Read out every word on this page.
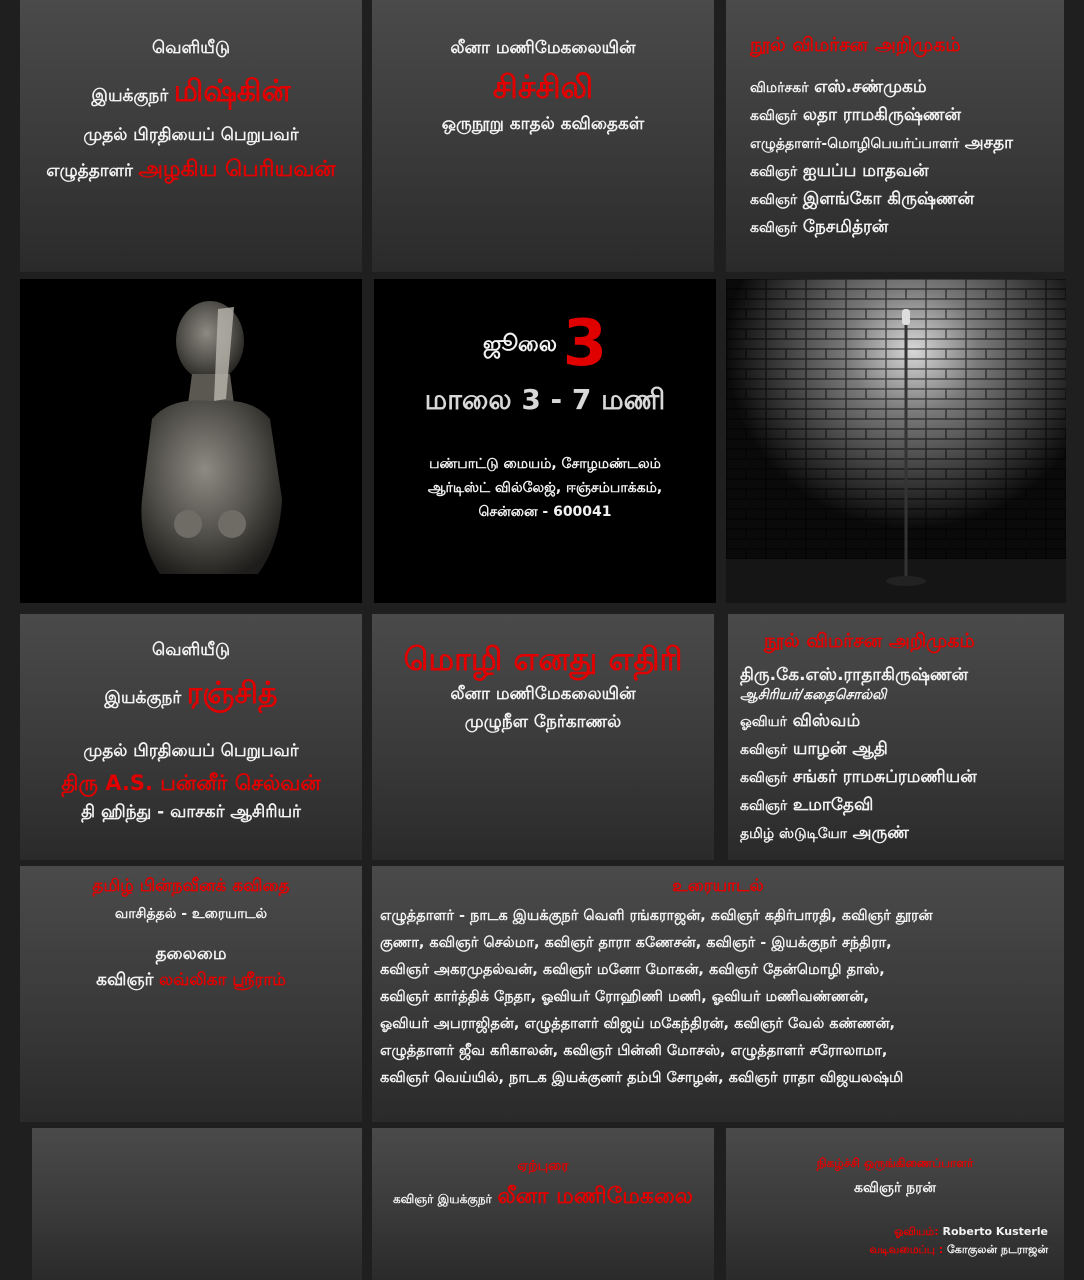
வெளியீடு
இயக்குநர் மிஷ்கின்
முதல் பிரதியைப் பெறுபவர்
எழுத்தாளர் அழகிய பெரியவன்
லீனா மணிமேகலையின்
சிச்சிலி
ஒருநூறு காதல் கவிதைகள்
நூல் விமர்சன அறிமுகம்
விமர்சகர் எஸ்.சண்முகம்
கவிஞர் லதா ராமகிருஷ்ணன்
எழுத்தாளர்-மொழிபெயர்ப்பாளர் அசதா
கவிஞர் ஐயப்ப மாதவன்
கவிஞர் இளங்கோ கிருஷ்ணன்
கவிஞர் நேசமித்ரன்
ஜூலை 3
மாலை 3 - 7 மணி
பண்பாட்டு மையம், சோழமண்டலம்
ஆர்டிஸ்ட் வில்லேஜ், ஈஞ்சம்பாக்கம்,
சென்னை - 600041
வெளியீடு
இயக்குநர் ரஞ்சித்
முதல் பிரதியைப் பெறுபவர்
திரு A.S. பன்னீர் செல்வன்
தி ஹிந்து - வாசகர் ஆசிரியர்
மொழி எனது எதிரி
லீனா மணிமேகலையின்
முழுநீள நேர்காணல்
நூல் விமர்சன அறிமுகம்
திரு.கே.எஸ்.ராதாகிருஷ்ணன்
ஆசிரியர்/கதைசொல்லி
ஓவியர் விஸ்வம்
கவிஞர் யாழன் ஆதி
கவிஞர் சங்கர் ராமசுப்ரமணியன்
கவிஞர் உமாதேவி
தமிழ் ஸ்டுடியோ அருண்
தமிழ் பின்நவீனக் கவிதை
வாசித்தல் - உரையாடல்
தலைமை
கவிஞர் லவ்லிகா ஸ்ரீராம்
உரையாடல்
எழுத்தாளர் - நாடக இயக்குநர் வெளி ரங்கராஜன், கவிஞர் கதிர்பாரதி, கவிஞர் தூரன்
குணா, கவிஞர் செல்மா, கவிஞர் தாரா கணேசன், கவிஞர் - இயக்குநர் சந்திரா,
கவிஞர் அகரமுதல்வன், கவிஞர் மனோ மோகன், கவிஞர் தேன்மொழி தாஸ்,
கவிஞர் கார்த்திக் நேதா, ஓவியர் ரோஹிணி மணி, ஓவியர் மணிவண்ணன்,
ஓவியர் அபராஜிதன், எழுத்தாளர் விஜய் மகேந்திரன், கவிஞர் வேல் கண்ணன்,
எழுத்தாளர் ஜீவ கரிகாலன், கவிஞர் பின்னி மோசஸ், எழுத்தாளர் சரோலாமா,
கவிஞர் வெய்யில், நாடக இயக்குனர் தம்பி சோழன், கவிஞர் ராதா விஜயலஷ்மி
ஏற்புரை
கவிஞர் இயக்குநர் லீனா மணிமேகலை
நிகழ்ச்சி ஒருங்கிணைப்பாளர்
கவிஞர் நரன்
ஓவியம்: Roberto Kusterle
வடிவமைப்பு : கோகுலன் நடராஜன்
